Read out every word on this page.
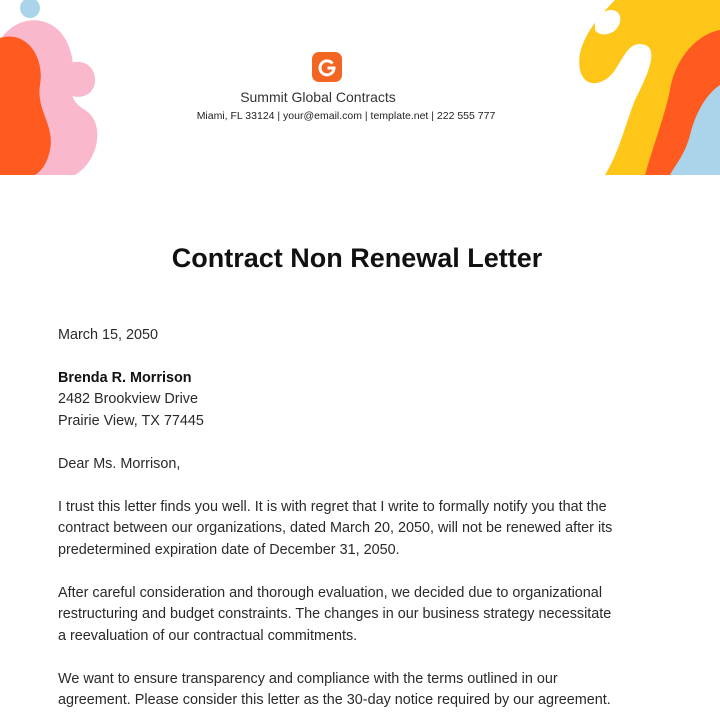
Summit Global Contracts
Miami, FL 33124 | your@email.com | template.net | 222 555 777
Contract Non Renewal Letter
March 15, 2050
Brenda R. Morrison
2482 Brookview Drive
Prairie View, TX 77445
Dear Ms. Morrison,
I trust this letter finds you well. It is with regret that I write to formally notify you that the
contract between our organizations, dated March 20, 2050, will not be renewed after its
predetermined expiration date of December 31, 2050.
After careful consideration and thorough evaluation, we decided due to organizational
restructuring and budget constraints. The changes in our business strategy necessitate
a reevaluation of our contractual commitments.
We want to ensure transparency and compliance with the terms outlined in our
agreement. Please consider this letter as the 30-day notice required by our agreement.
